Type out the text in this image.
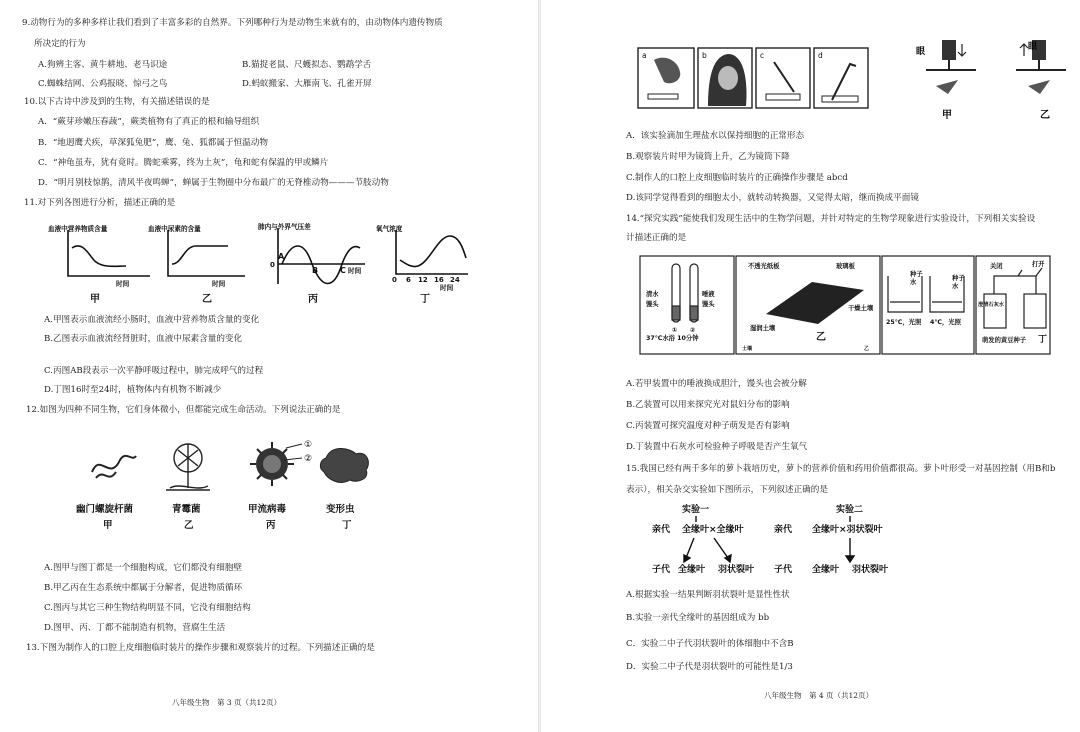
9.动物行为的多种多样让我们看到了丰富多彩的自然界。下列哪种行为是动物生来就有的，由动物体内遗传物质
所决定的行为
A.狗辨主客、黄牛耕地、老马识途	B.猫捉老鼠、尺蠖拟态、鹦鹉学舌
C.蜘蛛结网、公鸡报晓、惊弓之鸟	D.蚂蚁搬家、大雁南飞、孔雀开屏
10.以下古诗中涉及到的生物，有关描述错误的是
A．“蕨芽珍嫩压春蔬”，蕨类植物有了真正的根和输导组织
B．“地迥鹰犬疾，草深狐兔肥”，鹰、兔、狐都属于恒温动物
C．“神龟虽寿，犹有竟时。腾蛇乘雾，终为土灰”，龟和蛇有保温的甲或鳞片
D．“明月别枝惊鹊，清风半夜鸣蝉”，蝉属于生物圈中分布最广的无脊椎动物———节肢动物
11.对下列各图进行分析，描述正确的是
血液中营养物质含量
时间
血液中尿素的含量
时间
肺内与外界气压差
时间
0
A
B	C
氧气浓度
0 6 12 16 24
时间
甲	乙	丙	丁
A.甲图表示血液流经小肠时，血液中营养物质含量的变化
B.乙图表示血液流经肾脏时，血液中尿素含量的变化
C.丙图AB段表示一次平静呼吸过程中，肺完成呼气的过程
D.丁图16时至24时，植物体内有机物不断减少
12.如图为四种不同生物，它们身体微小，但都能完成生命活动。下列说法正确的是
①
②
幽门螺旋杆菌
甲
青霉菌
乙
甲流病毒
丙
变形虫
丁
A.图甲与图丁都是一个细胞构成，它们都没有细胞壁
B.甲乙丙在生态系统中都属于分解者，促进物质循环
C.图丙与其它三种生物结构明显不同，它没有细胞结构
D.图甲、丙、丁都不能制造有机物，营腐生生活
13.下图为制作人的口腔上皮细胞临时装片的操作步骤和观察装片的过程。下列描述正确的是
八年级生物　第 3 页（共12页）
a	b	c	d	眼
甲
眼
乙
A．该实验滴加生理盐水以保持细胞的正常形态
B.观察装片时甲为镜筒上升，乙为镜筒下降
C.制作人的口腔上皮细胞临时装片的正确操作步骤是 abcd
D.该同学觉得看到的细胞太小，就转动转换器，又觉得太暗，继而换成平面镜
14.“探究实践”能使我们发现生活中的生物学问题，并针对特定的生物学现象进行实验设计，下列相关实验设
计描述正确的是
清水
馒头
唾液
馒头
37℃水浴 10分钟
① ②
不透光纸板	玻璃板
湿润土壤
干燥土壤
土壤	乙
乙
种子
水
种子
水
25℃，光照 4℃，光照
关闭	打开
澄清石灰水
萌发的黄豆种子 丁
A.若甲装置中的唾液换成胆汁，馒头也会被分解
B.乙装置可以用来探究光对鼠妇分布的影响
C.丙装置可探究温度对种子萌发是否有影响
D.丁装置中石灰水可检验种子呼吸是否产生氧气
15.我国已经有两千多年的萝卜栽培历史，萝卜的营养价值和药用价值都很高。萝卜叶形受一对基因控制（用B和b
表示），相关杂交实验如下图所示，下列叙述正确的是
实验一
亲代 全缘叶×全缘叶
子代 全缘叶 羽状裂叶
实验二
亲代 全缘叶×羽状裂叶
子代 全缘叶 羽状裂叶
A.根据实验一结果判断羽状裂叶是显性性状
B.实验一亲代全缘叶的基因组成为 bb
C．实验二中子代羽状裂叶的体细胞中不含B
D．实验二中子代是羽状裂叶的可能性是1/3
八年级生物　第 4 页（共12页）
